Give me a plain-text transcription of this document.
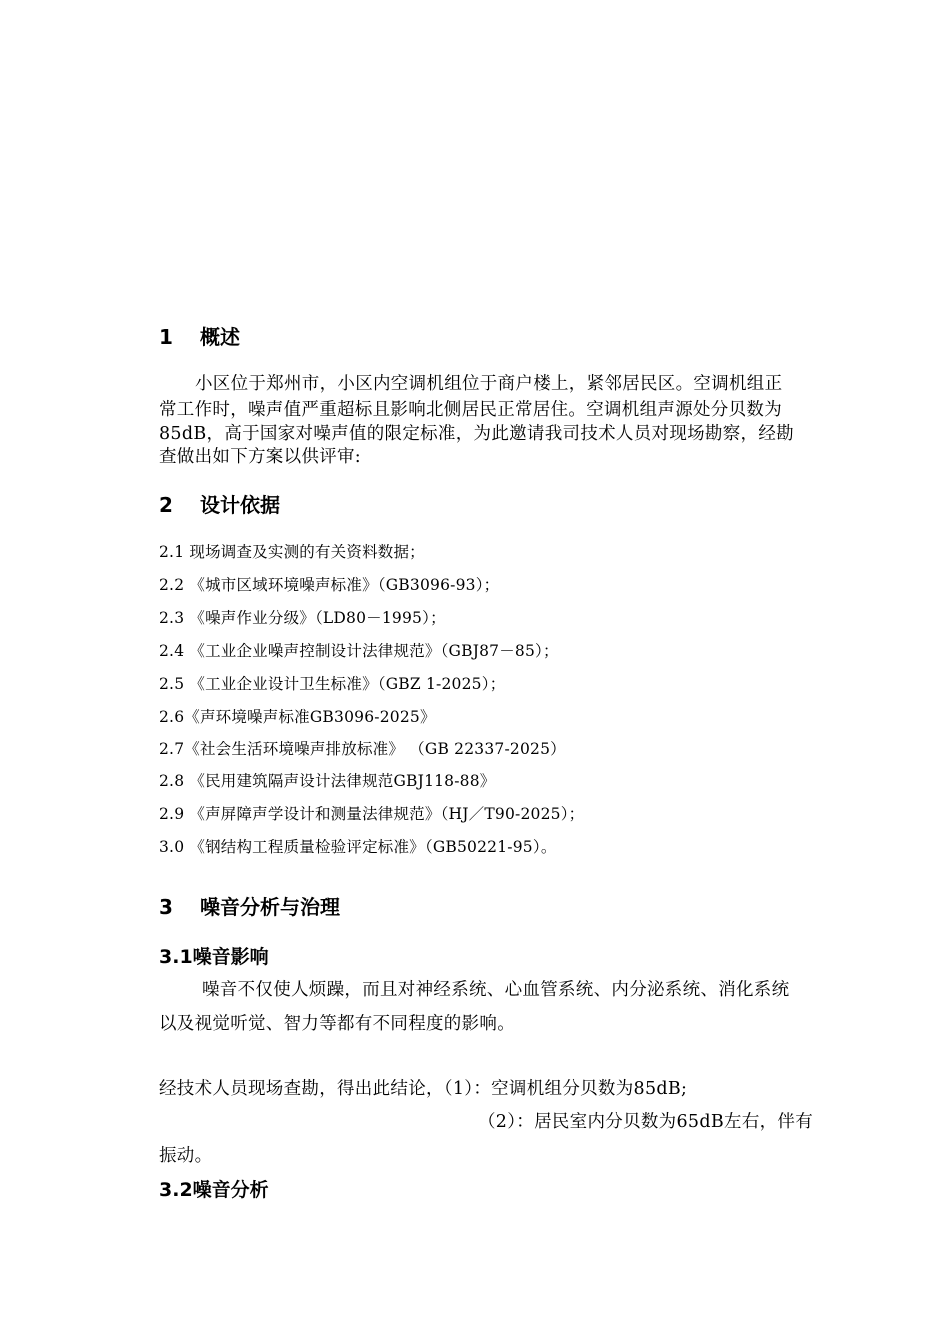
1 概述
小区位于郑州市，小区内空调机组位于商户楼上，紧邻居民区。空调机组正
常工作时，噪声值严重超标且影响北侧居民正常居住。空调机组声源处分贝数为
85dB，高于国家对噪声值的限定标准，为此邀请我司技术人员对现场勘察，经勘
查做出如下方案以供评审:
2 设计依据
2.1 现场调查及实测的有关资料数据；
2.2 《城市区域环境噪声标准》（GB3096-93）；
2.3 《噪声作业分级》（LD80－1995）；
2.4 《工业企业噪声控制设计法律规范》（GBJ87－85）；
2.5 《工业企业设计卫生标准》（GBZ 1-2025）；
2.6《声环境噪声标准GB3096-2025》
2.7《社会生活环境噪声排放标准》 （GB 22337-2025）
2.8 《民用建筑隔声设计法律规范GBJ118-88》
2.9 《声屏障声学设计和测量法律规范》（HJ／T90-2025）；
3.0 《钢结构工程质量检验评定标准》（GB50221-95）。
3 噪音分析与治理
3.1噪音影响
噪音不仅使人烦躁，而且对神经系统、心血管系统、内分泌系统、消化系统
以及视觉听觉、智力等都有不同程度的影响。
经技术人员现场查勘，得出此结论，（1）：空调机组分贝数为85dB;
（2）：居民室内分贝数为65dB左右，伴有
振动。
3.2噪音分析
